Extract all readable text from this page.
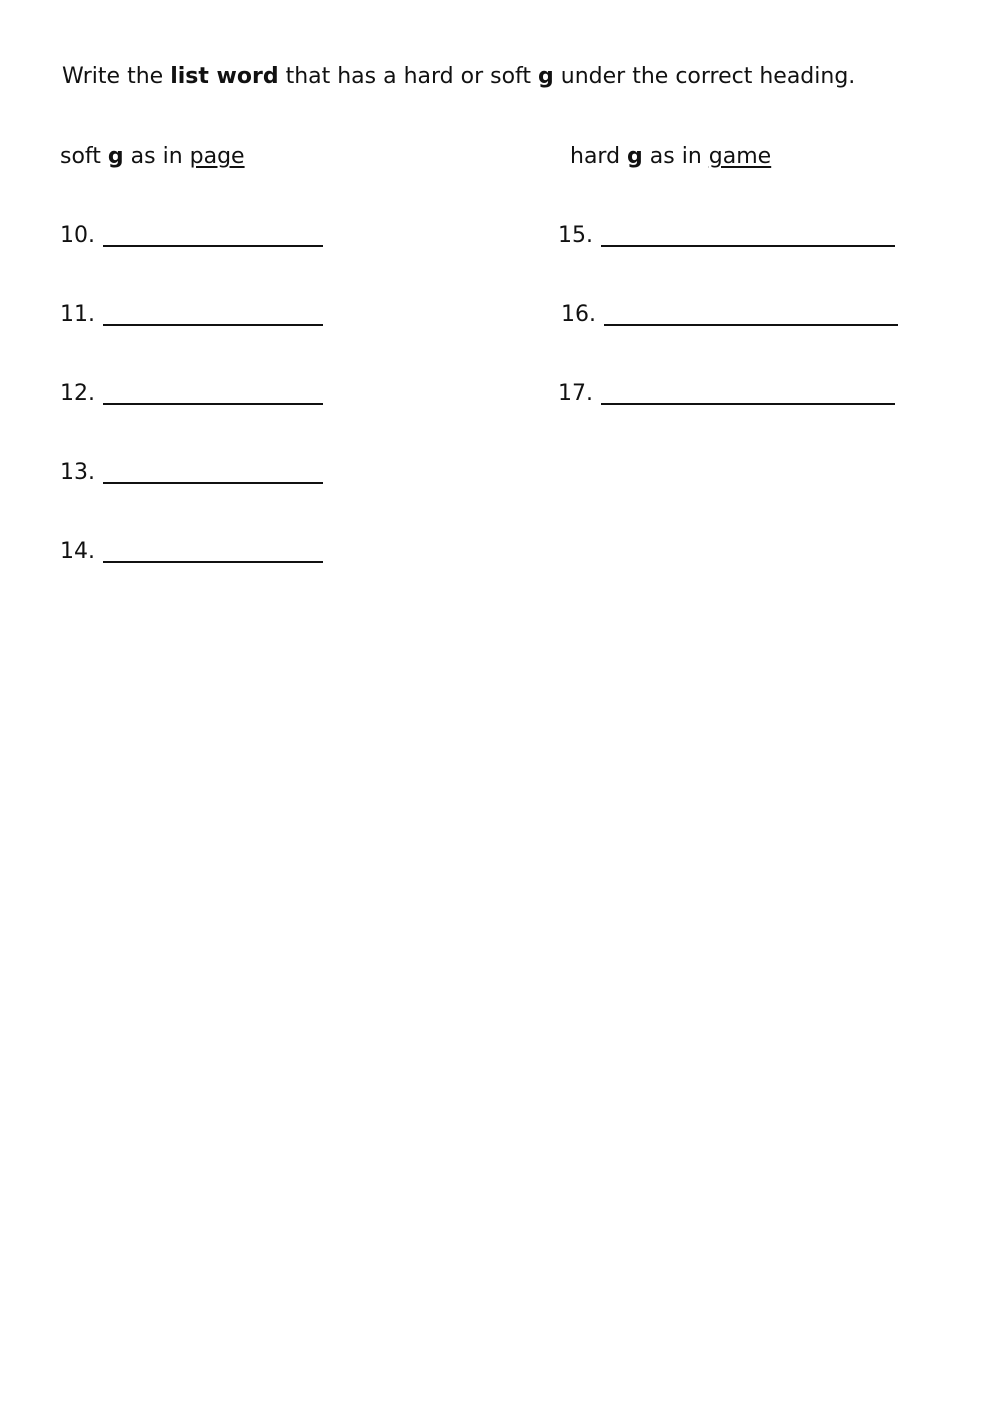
Write the list word that has a hard or soft g under the correct heading.
soft g as in page	hard g as in game
10.
11.
12.
13.
14.
15.
16.
17.
